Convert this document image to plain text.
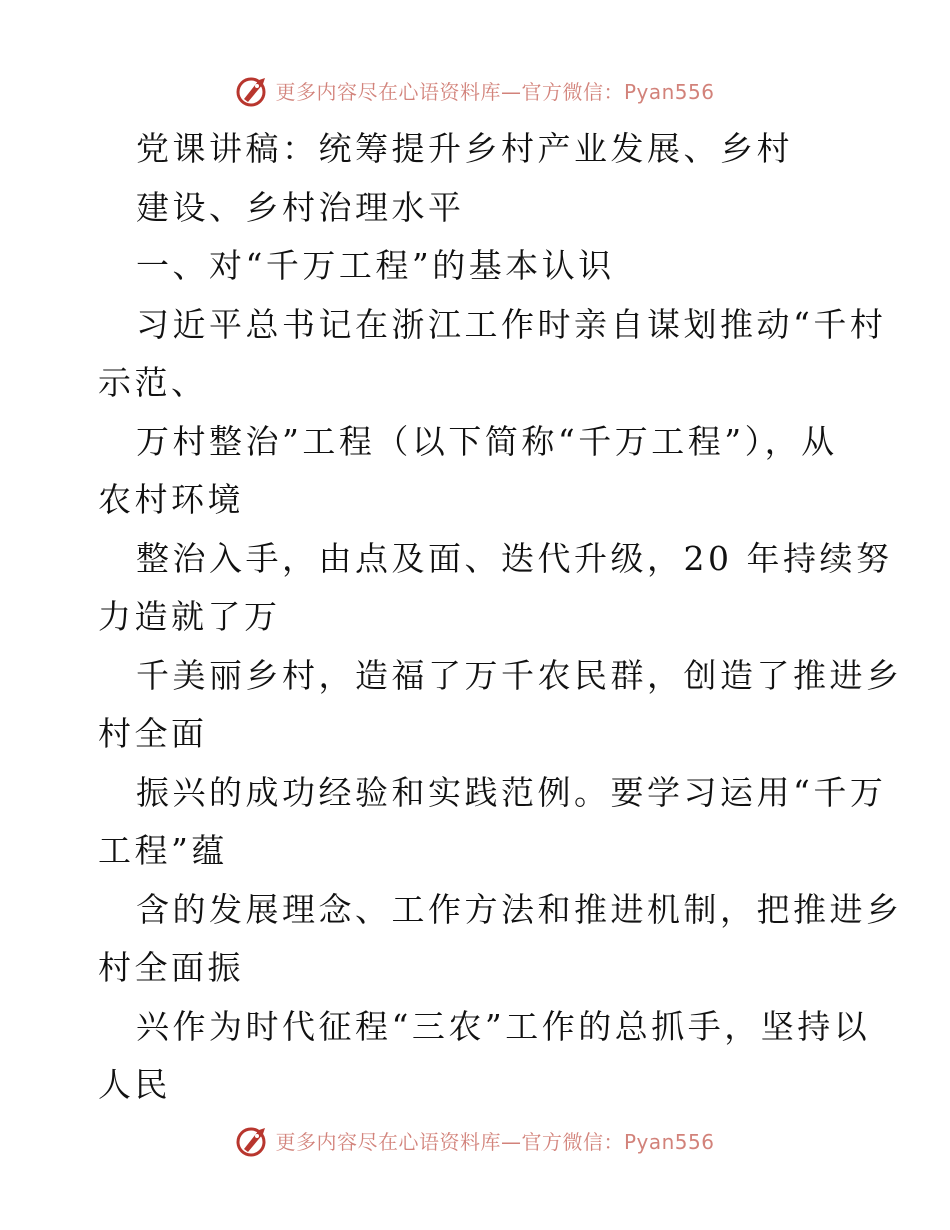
更多内容尽在心语资料库—官方微信：Pyan556
党课讲稿：统筹提升乡村产业发展、乡村
建设、乡村治理水平
一、对“千万工程”的基本认识
习近平总书记在浙江工作时亲自谋划推动“千村
示范、
万村整治”工程（以下简称“千万工程”），从
农村环境
整治入手，由点及面、迭代升级，20 年持续努
力造就了万
千美丽乡村，造福了万千农民群，创造了推进乡
村全面
振兴的成功经验和实践范例。要学习运用“千万
工程”蕴
含的发展理念、工作方法和推进机制，把推进乡
村全面振
兴作为时代征程“三农”工作的总抓手，坚持以
人民
更多内容尽在心语资料库—官方微信：Pyan556
